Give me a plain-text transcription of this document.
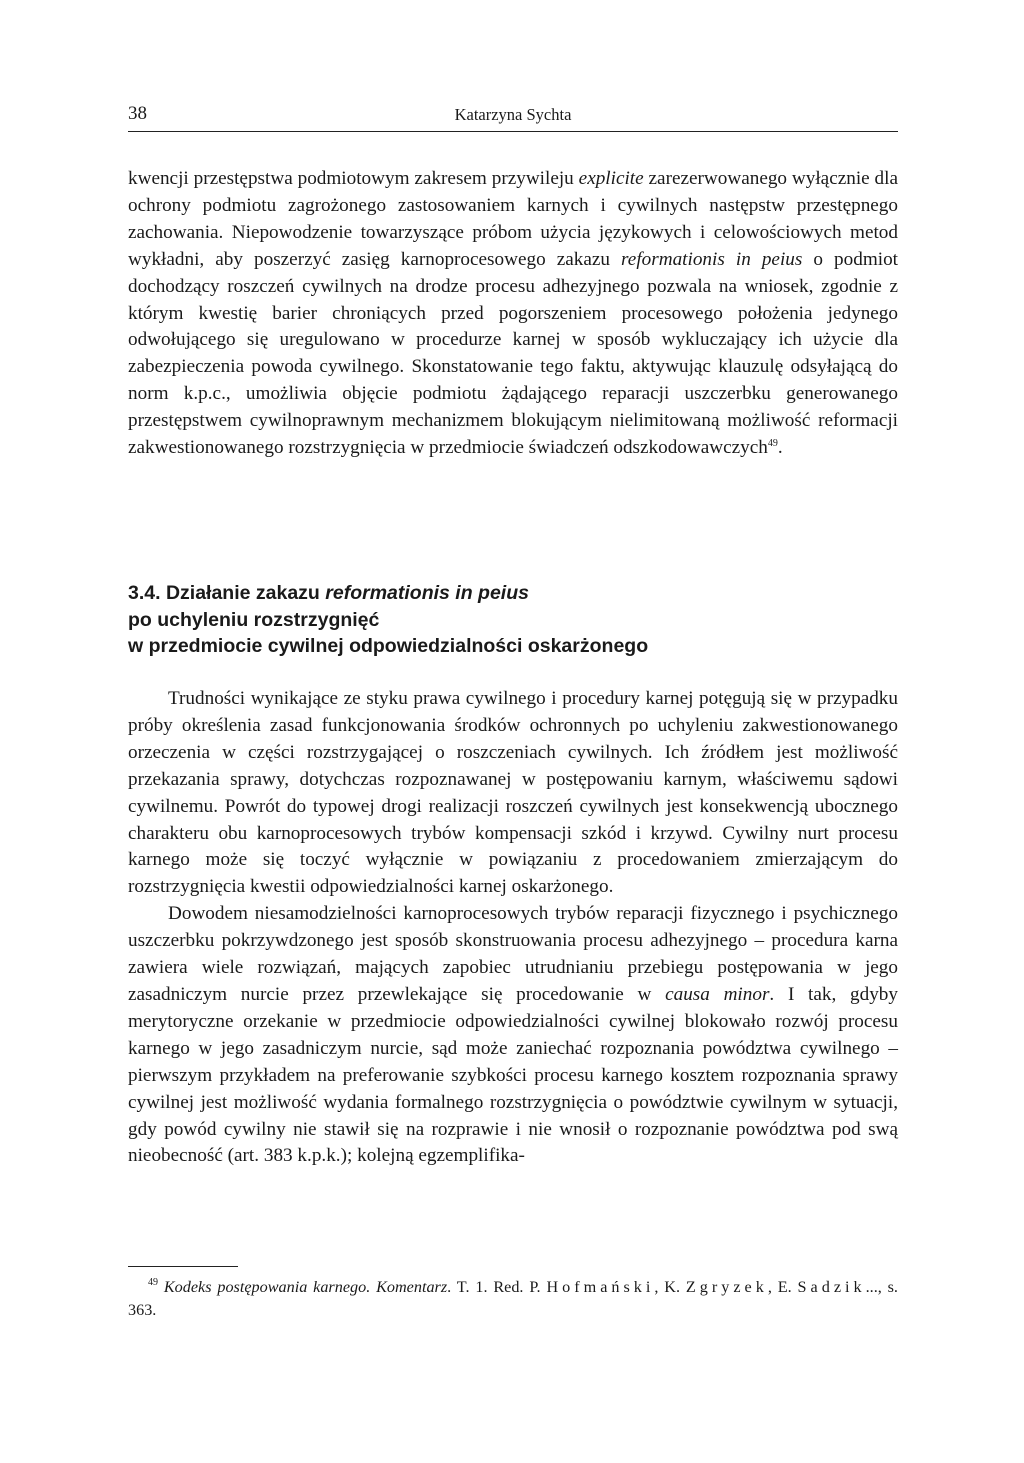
38	Katarzyna Sychta

kwencji przestępstwa podmiotowym zakresem przywileju explicite zarezerwowanego wyłącznie dla ochrony podmiotu zagrożonego zastosowaniem karnych i cywilnych następstw przestępnego zachowania. Niepowodzenie towarzyszące próbom użycia językowych i celowościowych metod wykładni, aby poszerzyć zasięg karnoprocesowego zakazu reformationis in peius o podmiot dochodzący roszczeń cywilnych na drodze procesu adhezyjnego pozwala na wniosek, zgodnie z którym kwestię barier chroniących przed pogorszeniem procesowego położenia jedynego odwołującego się uregulowano w procedurze karnej w sposób wykluczający ich użycie dla zabezpieczenia powoda cywilnego. Skonstatowanie tego faktu, aktywując klauzulę odsyłającą do norm k.p.c., umożliwia objęcie podmiotu żądającego reparacji uszczerbku generowanego przestępstwem cywilnoprawnym mechanizmem blokującym nielimitowaną możliwość reformacji zakwestionowanego rozstrzygnięcia w przedmiocie świadczeń odszkodowawczych$^{49}$.

3.4. Działanie zakazu reformationis in peius
po uchyleniu rozstrzygnięć
w przedmiocie cywilnej odpowiedzialności oskarżonego

Trudności wynikające ze styku prawa cywilnego i procedury karnej potęgują się w przypadku próby określenia zasad funkcjonowania środków ochronnych po uchyleniu zakwestionowanego orzeczenia w części rozstrzygającej o roszczeniach cywilnych. Ich źródłem jest możliwość przekazania sprawy, dotychczas rozpoznawanej w postępowaniu karnym, właściwemu sądowi cywilnemu. Powrót do typowej drogi realizacji roszczeń cywilnych jest konsekwencją ubocznego charakteru obu karnoprocesowych trybów kompensacji szkód i krzywd. Cywilny nurt procesu karnego może się toczyć wyłącznie w powiązaniu z procedowaniem zmierzającym do rozstrzygnięcia kwestii odpowiedzialności karnej oskarżonego.

Dowodem niesamodzielności karnoprocesowych trybów reparacji fizycznego i psychicznego uszczerbku pokrzywdzonego jest sposób skonstruowania procesu adhezyjnego – procedura karna zawiera wiele rozwiązań, mających zapobiec utrudnianiu przebiegu postępowania w jego zasadniczym nurcie przez przewlekające się procedowanie w causa minor. I tak, gdyby merytoryczne orzekanie w przedmiocie odpowiedzialności cywilnej blokowało rozwój procesu karnego w jego zasadniczym nurcie, sąd może zaniechać rozpoznania powództwa cywilnego – pierwszym przykładem na preferowanie szybkości procesu karnego kosztem rozpoznania sprawy cywilnej jest możliwość wydania formalnego rozstrzygnięcia o powództwie cywilnym w sytuacji, gdy powód cywilny nie stawił się na rozprawie i nie wnosił o rozpoznanie powództwa pod swą nieobecność (art. 383 k.p.k.); kolejną egzemplifika-

$^{49}$ Kodeks postępowania karnego. Komentarz. T. 1. Red. P. Hofmański, K. Zgryzek, E. Sadzik..., s. 363.
